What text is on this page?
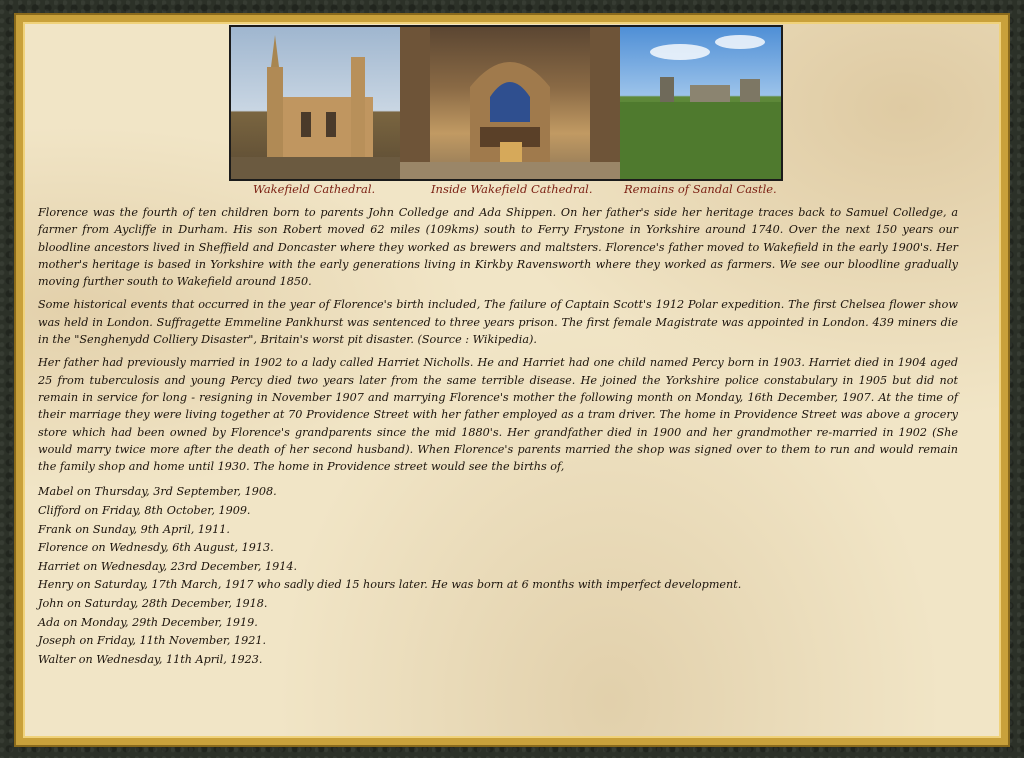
Wakefield Cathedral.	Inside Wakefield Cathedral.	Remains of Sandal Castle.

Florence was the fourth of ten children born to parents John Colledge and Ada Shippen. On her father's side her heritage traces back to Samuel Colledge, a farmer from Aycliffe in Durham. His son Robert moved 62 miles (109kms) south to Ferry Frystone in Yorkshire around 1740. Over the next 150 years our bloodline ancestors lived in Sheffield and Doncaster where they worked as brewers and maltsters. Florence's father moved to Wakefield in the early 1900's. Her mother's heritage is based in Yorkshire with the early generations living in Kirkby Ravensworth where they worked as farmers. We see our bloodline gradually moving further south to Wakefield around 1850.

Some historical events that occurred in the year of Florence's birth included, The failure of Captain Scott's 1912 Polar expedition. The first Chelsea flower show was held in London. Suffragette Emmeline Pankhurst was sentenced to three years prison. The first female Magistrate was appointed in London. 439 miners die in the "Senghenydd Colliery Disaster", Britain's worst pit disaster. (Source : Wikipedia).

Her father had previously married in 1902 to a lady called Harriet Nicholls. He and Harriet had one child named Percy born in 1903. Harriet died in 1904 aged 25 from tuberculosis and young Percy died two years later from the same terrible disease. He joined the Yorkshire police constabulary in 1905 but did not remain in service for long - resigning in November 1907 and marrying Florence's mother the following month on Monday, 16th December, 1907. At the time of their marriage they were living together at 70 Providence Street with her father employed as a tram driver. The home in Providence Street was above a grocery store which had been owned by Florence's grandparents since the mid 1880's. Her grandfather died in 1900 and her grandmother re-married in 1902 (She would marry twice more after the death of her second husband). When Florence's parents married the shop was signed over to them to run and would remain the family shop and home until 1930. The home in Providence street would see the births of,

Mabel on Thursday, 3rd September, 1908.
Clifford on Friday, 8th October, 1909.
Frank on Sunday, 9th April, 1911.
Florence on Wednesdy, 6th August, 1913.
Harriet on Wednesday, 23rd December, 1914.
Henry on Saturday, 17th March, 1917 who sadly died 15 hours later. He was born at 6 months with imperfect development.
John on Saturday, 28th December, 1918.
Ada on Monday, 29th December, 1919.
Joseph on Friday, 11th November, 1921.
Walter on Wednesday, 11th April, 1923.
